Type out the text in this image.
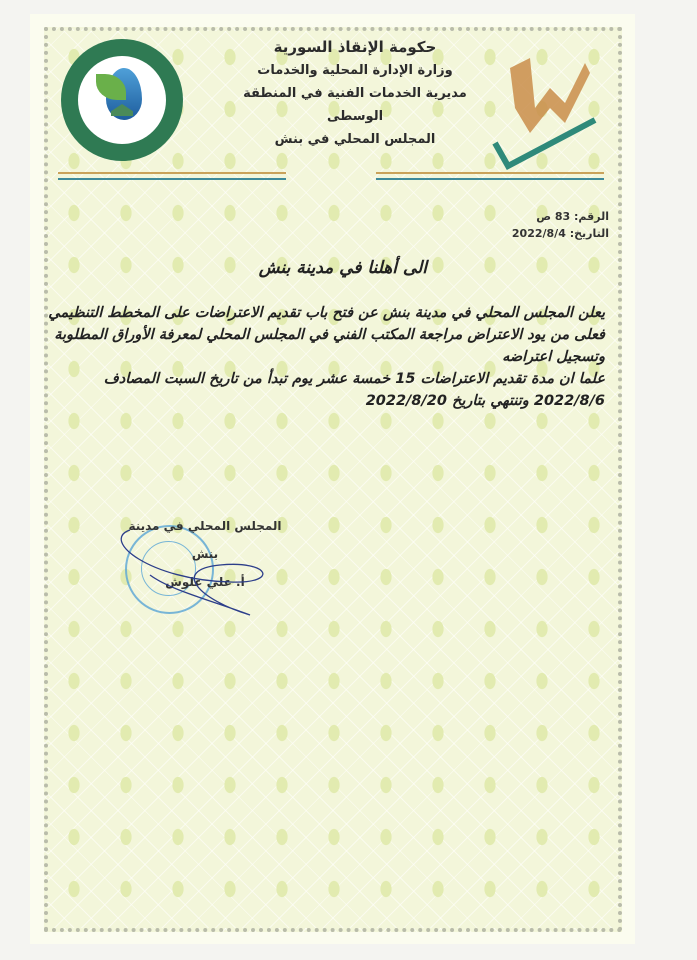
حكومة الإنقاذ السورية
وزارة الإدارة المحلية والخدمات
مديرية الخدمات الفنية في المنطقة الوسطى
المجلس المحلي في بنش
الرقم: 83 ص
التاريخ: 2022/8/4
الى أهلنا في مدينة بنش
يعلن المجلس المحلي في مدينة بنش عن فتح باب تقديم الاعتراضات على المخطط التنظيمي
فعلى من يود الاعتراض مراجعة المكتب الفني في المجلس المحلي لمعرفة الأوراق المطلوبة
وتسجيل اعتراضه
علما ان مدة تقديم الاعتراضات 15 خمسة عشر يوم تبدأ من تاريخ السبت المصادف
2022/8/6 وتنتهي بتاريخ 2022/8/20
المجلس المحلي في مدينة بنش
أ. علي علوش
